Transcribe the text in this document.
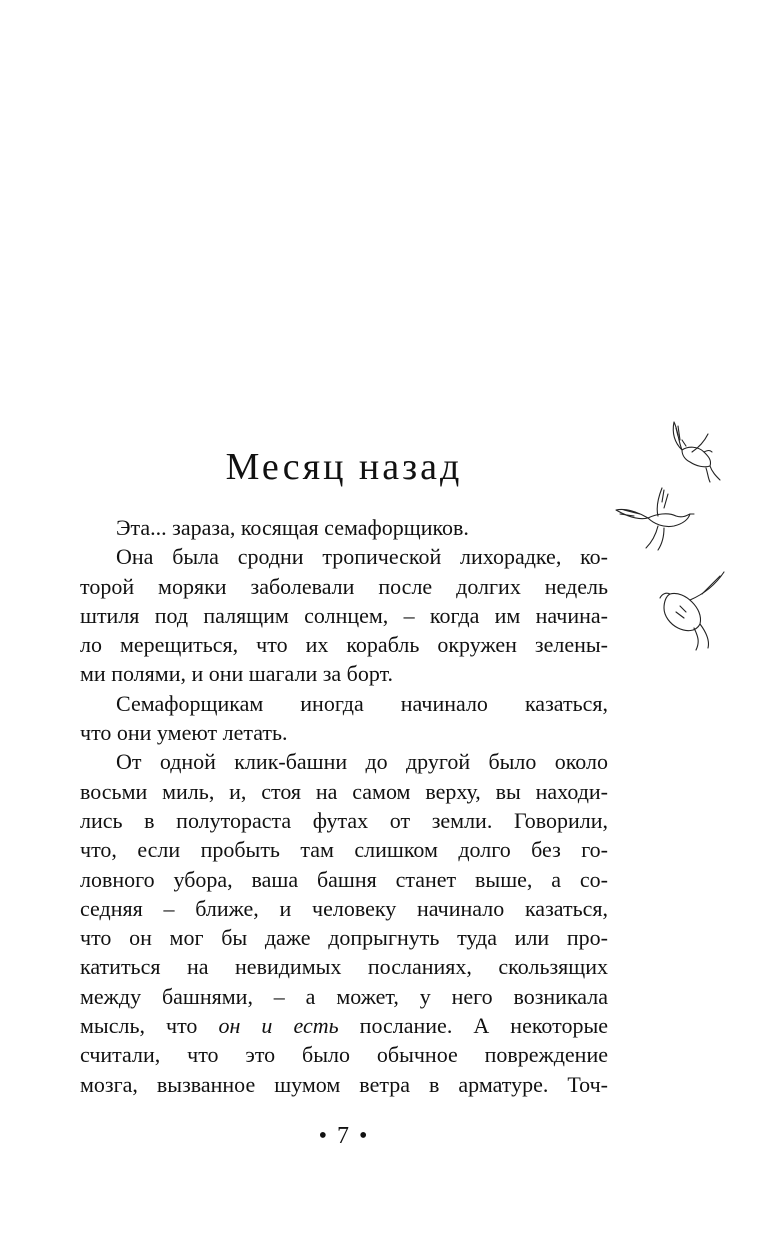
Месяц назад
Эта... зараза, косящая семафорщиков.
Она была сродни тропической лихорадке, ко-
торой моряки заболевали после долгих недель
штиля под палящим солнцем, – когда им начина-
ло мерещиться, что их корабль окружен зелены-
ми полями, и они шагали за борт.
Семафорщикам иногда начинало казаться,
что они умеют летать.
От одной клик-башни до другой было около
восьми миль, и, стоя на самом верху, вы находи-
лись в полутораста футах от земли. Говорили,
что, если пробыть там слишком долго без го-
ловного убора, ваша башня станет выше, а со-
седняя – ближе, и человеку начинало казаться,
что он мог бы даже допрыгнуть туда или про-
катиться на невидимых посланиях, скользящих
между башнями, – а может, у него возникала
мысль, что он и есть послание. А некоторые
считали, что это было обычное повреждение
мозга, вызванное шумом ветра в арматуре. Точ-
• 7 •
